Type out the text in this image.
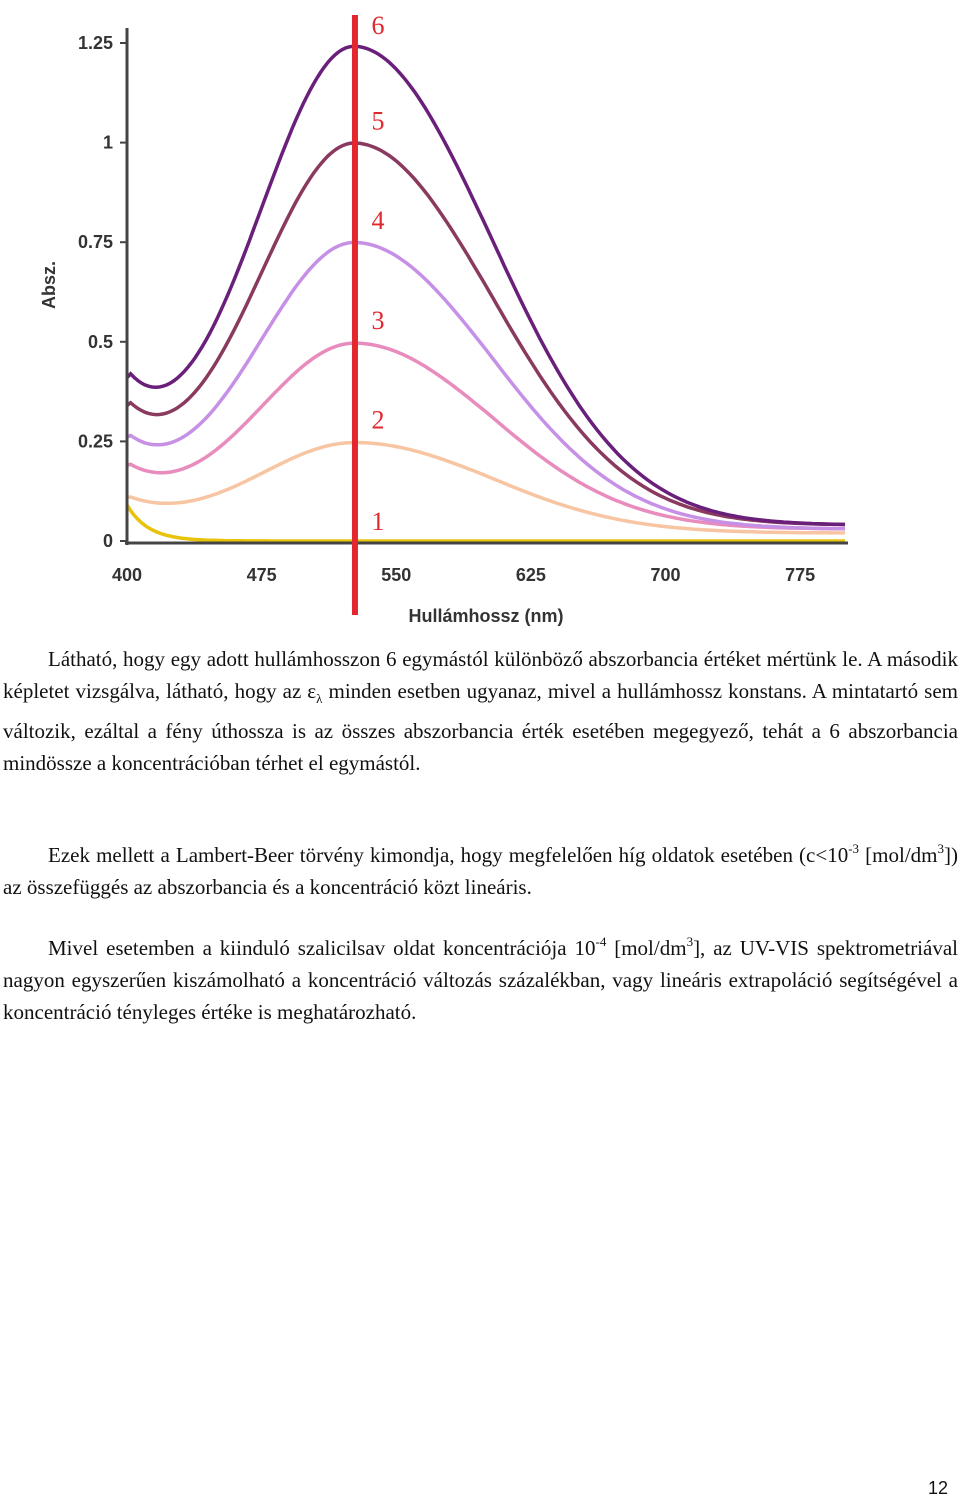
0
0.25
0.5
0.75
1
1.25
400	475	550	625	700	775
Absz.
Hullámhossz (nm)
1
2
3
4
5
6

Látható, hogy egy adott hullámhosszon 6 egymástól különböző abszorbancia értéket mértünk le. A második képletet vizsgálva, látható, hogy az $\varepsilon_\lambda$ minden esetben ugyanaz, mivel a hullámhossz konstans. A mintatartó sem változik, ezáltal a fény úthossza is az összes abszorbancia érték esetében megegyező, tehát a 6 abszorbancia mindössze a koncentrációban térhet el egymástól.

Ezek mellett a Lambert-Beer törvény kimondja, hogy megfelelően híg oldatok esetében ($c<10^{-3}$ $[mol/dm^3]$) az összefüggés az abszorbancia és a koncentráció közt lineáris.

Mivel esetemben a kiinduló szalicilsav oldat koncentrációja $10^{-4}$ $[mol/dm^3]$, az UV-VIS spektrometriával nagyon egyszerűen kiszámolható a koncentráció változás százalékban, vagy lineáris extrapoláció segítségével a koncentráció tényleges értéke is meghatározható.

12
